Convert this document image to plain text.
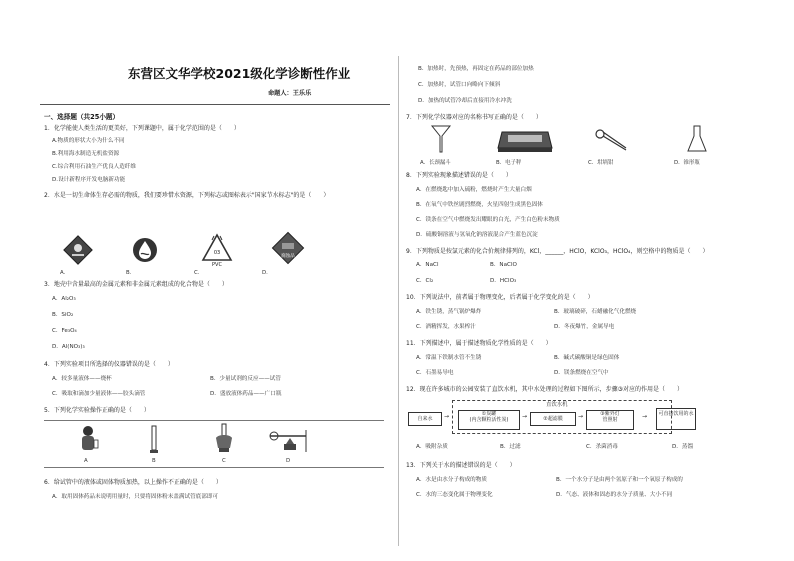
东营区文华学校2021级化学诊断性作业
命题人：王乐乐
一、选择题（共25小题）
1．化学能使人类生活的更美好，下列课题中，属于化学范围的是（　　）
A.物质的形状大小为什么不同
B.利用海水制造无机盐资源
C.综合利用石油生产优良人造纤维
D.设计新程序开发电脑新功能
2．水是一切生命体生存必需的物质，我们要珍惜水资源，下列标志或图标表示"国家节水标志"的是（　　）
03
PVC
腐蚀品
A.	B.	C.	D.
3．地壳中含量最高的金属元素和非金属元素组成的化合物是（　　）
A．Al₂O₃
B．SiO₂
C．Fe₃O₄
D．Al(NO₃)₃
4．下列实验项目所选择的仪器错误的是（　　）
A．较多量液体——烧杯	B．少量试剂的反应——试管
C．吸取和滴加少量液体——胶头滴管	D．盛放液体药品——广口瓶
5．下列化学实验操作正确的是（　　）
A	B	C	D
6．给试管中的液体或固体物质加热，以上操作不正确的是（　　）
A．取用固体药品未说明用量时，只要将固体粉末盖满试管底部即可
B．加热时，先预热，再固定在药品的部位加热
C．加热时，试管口向略向下倾斜
D．加热的试管冷却后直接用冷水冲洗
7．下列化学仪器对应的名称书写正确的是（　　）
A．长颈漏斗	B．电子秤	C．坩埚钳	D．锥形瓶
8．下列实验现象描述错误的是（　　）
A．在燃烧匙中加入硫粉，燃烧时产生大量白烟
B．在氧气中铁丝剧烈燃烧，火星四射生成黑色固体
C．镁条在空气中燃烧发出耀眼的白光，产生白色粉末物质
D．硫酸铜溶液与氢氧化钠溶液混合产生蓝色沉淀
9．下列物质是按氯元素的化合价规律排列的，KCl，______，HClO，KClO₃，HClO₄，则空格中的物质是（　　）
A．NaCl	B．NaClO
C．Cl₂	D．HClO₃
10．下列说法中，前者属于物理变化，后者属于化学变化的是（　　）
A．铁生锈，蒸气锅炉爆炸	B．玻璃破碎，石蜡融化气化燃烧
C．酒精挥发，水果榨汁	D．冬夜爆竹，金属导电
11．下列描述中，属于描述物质化学性质的是（　　）
A．常温下铁制水管不生锈	B．碱式碳酸铜是绿色固体
C．石墨易导电	D．镁条燃烧在空气中
12．现在许多城市的公园安装了直饮水机，其中水处理的过程如下图所示，步骤③对应的作用是（　　）
自来水	→
直饮水机
①炭罐
(内含颗粒活性炭)	→	②超滤膜	→	③紫外灯
管照射	→	可直接饮用的水
A．吸附杂质	B．过滤	C．杀菌消毒	D．蒸馏
13．下列关于水的描述错误的是（　　）
A．水是由水分子构成的物质	B．一个水分子是由两个氢原子和一个氧原子构成的
C．水的三态变化属于物理变化	D．气态、液体和固态的水分子质量、大小不同
